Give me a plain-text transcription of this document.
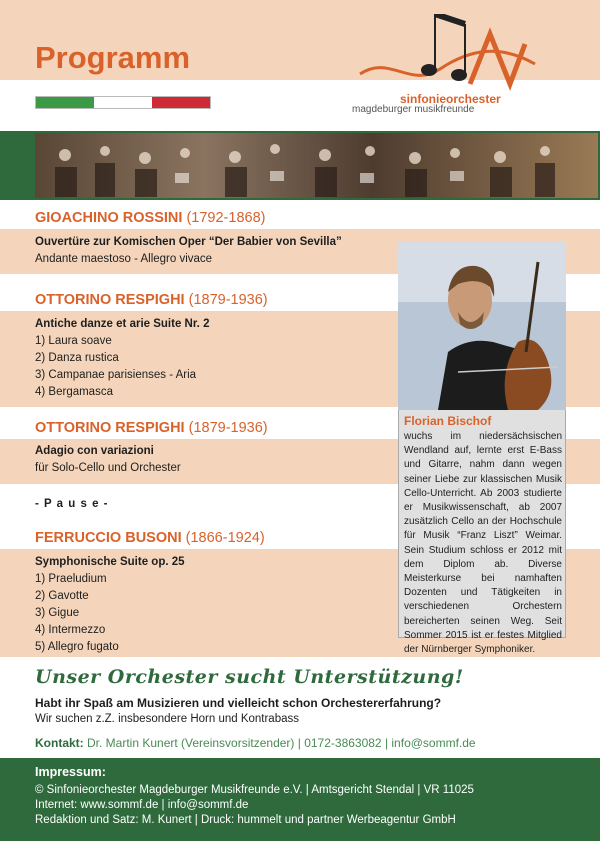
Programm
sinfonieorchester
magdeburger musikfreunde
GIOACHINO ROSSINI (1792-1868)
Ouvertüre zur Komischen Oper “Der Babier von Sevilla”
Andante maestoso - Allegro vivace
OTTORINO RESPIGHI (1879-1936)
Antiche danze et arie Suite Nr. 2
1) Laura soave
2) Danza rustica
3) Campanae parisienses - Aria
4) Bergamasca
OTTORINO RESPIGHI (1879-1936)
Adagio con variazioni
für Solo-Cello und Orchester
- P a u s e -
FERRUCCIO BUSONI (1866-1924)
Symphonische Suite op. 25
1) Praeludium
2) Gavotte
3) Gigue
4) Intermezzo
5) Allegro fugato
Florian Bischof
wuchs im niedersächsischen Wendland auf, lernte erst E-Bass und Gitarre, nahm dann wegen seiner Liebe zur klassischen Musik Cello-Unterricht. Ab 2003 studierte er Musikwissenschaft, ab 2007 zusätzlich Cello an der Hochschule für Musik “Franz Liszt” Weimar. Sein Studium schloss er 2012 mit dem Diplom ab. Diverse Meisterkurse bei namhaften Dozenten und Tätigkeiten in verschiedenen Orchestern bereicherten seinen Weg. Seit Sommer 2015 ist er festes Mitglied der Nürnberger Symphoniker.
Unser Orchester sucht Unterstützung!
Habt ihr Spaß am Musizieren und vielleicht schon Orchestererfahrung?
Wir suchen z.Z. insbesondere Horn und Kontrabass
Kontakt: Dr. Martin Kunert (Vereinsvorsitzender) | 0172-3863082 | info@sommf.de
Impressum:
© Sinfonieorchester Magdeburger Musikfreunde e.V. | Amtsgericht Stendal | VR 11025
Internet: www.sommf.de | info@sommf.de
Redaktion und Satz: M. Kunert | Druck: hummelt und partner Werbeagentur GmbH
